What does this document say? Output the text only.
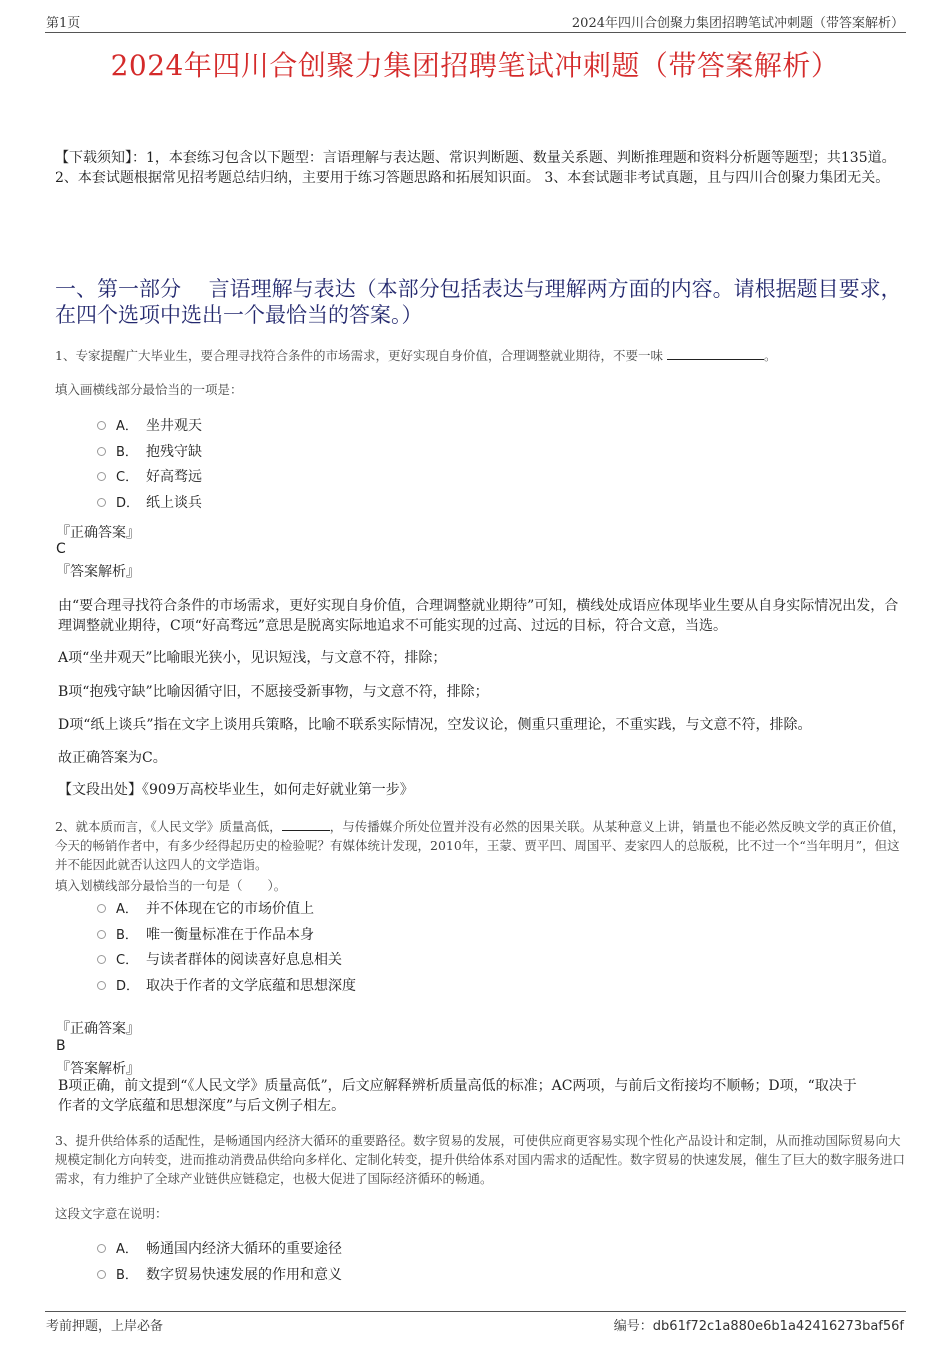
第1页	2024年四川合创聚力集团招聘笔试冲刺题（带答案解析）
2024年四川合创聚力集团招聘笔试冲刺题（带答案解析）
【下载须知】：1，本套练习包含以下题型：言语理解与表达题、常识判断题、数量关系题、判断推理题和资料分析题等题型；共135道。 2、本套试题根据常见招考题总结归纳，主要用于练习答题思路和拓展知识面。 3、本套试题非考试真题，且与四川合创聚力集团无关。
一、第一部分　 言语理解与表达（本部分包括表达与理解两方面的内容。请根据题目要求，在四个选项中选出一个最恰当的答案。）
1、专家提醒广大毕业生，要合理寻找符合条件的市场需求，更好实现自身价值，合理调整就业期待，不要一味	。
填入画横线部分最恰当的一项是：
A． 坐井观天
B． 抱残守缺
C． 好高骛远
D． 纸上谈兵
『正确答案』
C
『答案解析』
由“要合理寻找符合条件的市场需求，更好实现自身价值，合理调整就业期待”可知，横线处成语应体现毕业生要从自身实际情况出发，合理调整就业期待，C项“好高骛远”意思是脱离实际地追求不可能实现的过高、过远的目标，符合文意，当选。
A项“坐井观天”比喻眼光狭小，见识短浅，与文意不符，排除；
B项“抱残守缺”比喻因循守旧，不愿接受新事物，与文意不符，排除；
D项“纸上谈兵”指在文字上谈用兵策略，比喻不联系实际情况，空发议论，侧重只重理论，不重实践，与文意不符，排除。
故正确答案为C。
【文段出处】《909万高校毕业生，如何走好就业第一步》
2、就本质而言，《人民文学》质量高低，	，与传播媒介所处位置并没有必然的因果关联。从某种意义上讲，销量也不能必然反映文学的真正价值，今天的畅销作者中，有多少经得起历史的检验呢？有媒体统计发现，2010年，王蒙、贾平凹、周国平、麦家四人的总版税，比不过一个“当年明月”，但这并不能因此就否认这四人的文学造诣。
填入划横线部分最恰当的一句是（　　）。
A． 并不体现在它的市场价值上
B． 唯一衡量标准在于作品本身
C． 与读者群体的阅读喜好息息相关
D． 取决于作者的文学底蕴和思想深度
『正确答案』
B
『答案解析』
B项正确，前文提到“《人民文学》质量高低”，后文应解释辨析质量高低的标准；AC两项，与前后文衔接均不顺畅；D项，“取决于作者的文学底蕴和思想深度”与后文例子相左。
3、提升供给体系的适配性，是畅通国内经济大循环的重要路径。数字贸易的发展，可使供应商更容易实现个性化产品设计和定制，从而推动国际贸易向大规模定制化方向转变，进而推动消费品供给向多样化、定制化转变，提升供给体系对国内需求的适配性。数字贸易的快速发展，催生了巨大的数字服务进口需求，有力维护了全球产业链供应链稳定，也极大促进了国际经济循环的畅通。
这段文字意在说明：
A． 畅通国内经济大循环的重要途径
B． 数字贸易快速发展的作用和意义
考前押题，上岸必备	编号：db61f72c1a880e6b1a42416273baf56f
